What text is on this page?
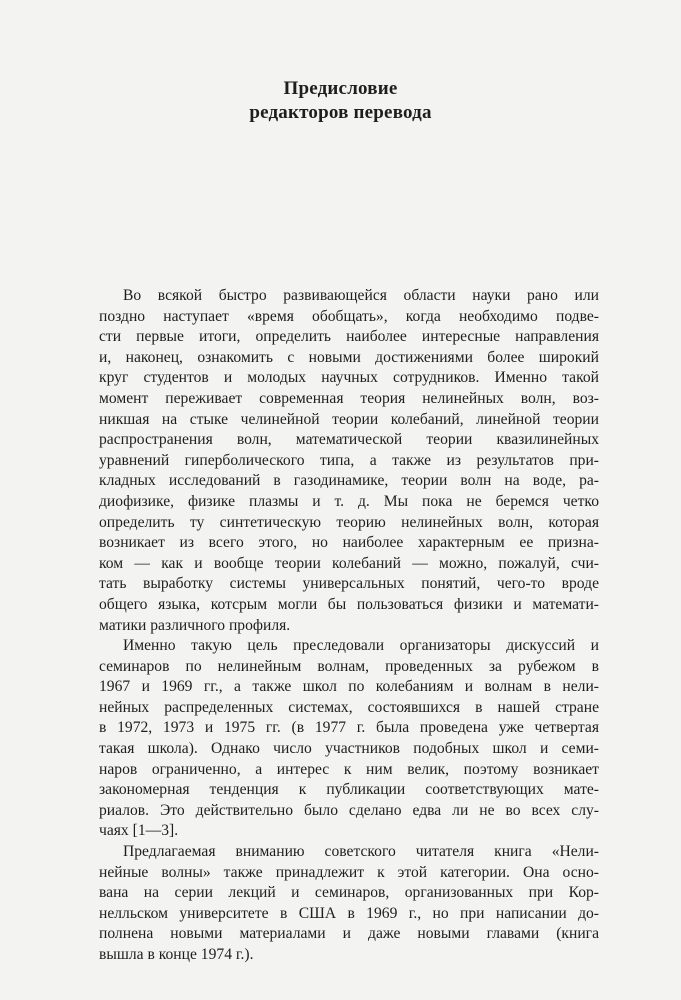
Предисловие
редакторов перевода
Во всякой быстро развивающейся области науки рано или
поздно наступает «время обобщать», когда необходимо подве-
сти первые итоги, определить наиболее интересные направления
и, наконец, ознакомить с новыми достижениями более широкий
круг студентов и молодых научных сотрудников. Именно такой
момент переживает современная теория нелинейных волн, воз-
никшая на стыке челинейной теории колебаний, линейной теории
распространения волн, математической теории квазилинейных
уравнений гиперболического типа, а также из результатов при-
кладных исследований в газодинамике, теории волн на воде, ра-
диофизике, физике плазмы и т. д. Мы пока не беремся четко
определить ту синтетическую теорию нелинейных волн, которая
возникает из всего этого, но наиболее характерным ее призна-
ком — как и вообще теории колебаний — можно, пожалуй, счи-
тать выработку системы универсальных понятий, чего-то вроде
общего языка, котсрым могли бы пользоваться физики и математи-
матики различного профиля.
Именно такую цель преследовали организаторы дискуссий и
семинаров по нелинейным волнам, проведенных за рубежом в
1967 и 1969 гг., а также школ по колебаниям и волнам в нели-
нейных распределенных системах, состоявшихся в нашей стране
в 1972, 1973 и 1975 гг. (в 1977 г. была проведена уже четвертая
такая школа). Однако число участников подобных школ и семи-
наров ограниченно, а интерес к ним велик, поэтому возникает
закономерная тенденция к публикации соответствующих мате-
риалов. Это действительно было сделано едва ли не во всех слу-
чаях [1—3].
Предлагаемая вниманию советского читателя книга «Нели-
нейные волны» также принадлежит к этой категории. Она осно-
вана на серии лекций и семинаров, организованных при Кор-
нелльском университете в США в 1969 г., но при написании до-
полнена новыми материалами и даже новыми главами (книга
вышла в конце 1974 г.).
